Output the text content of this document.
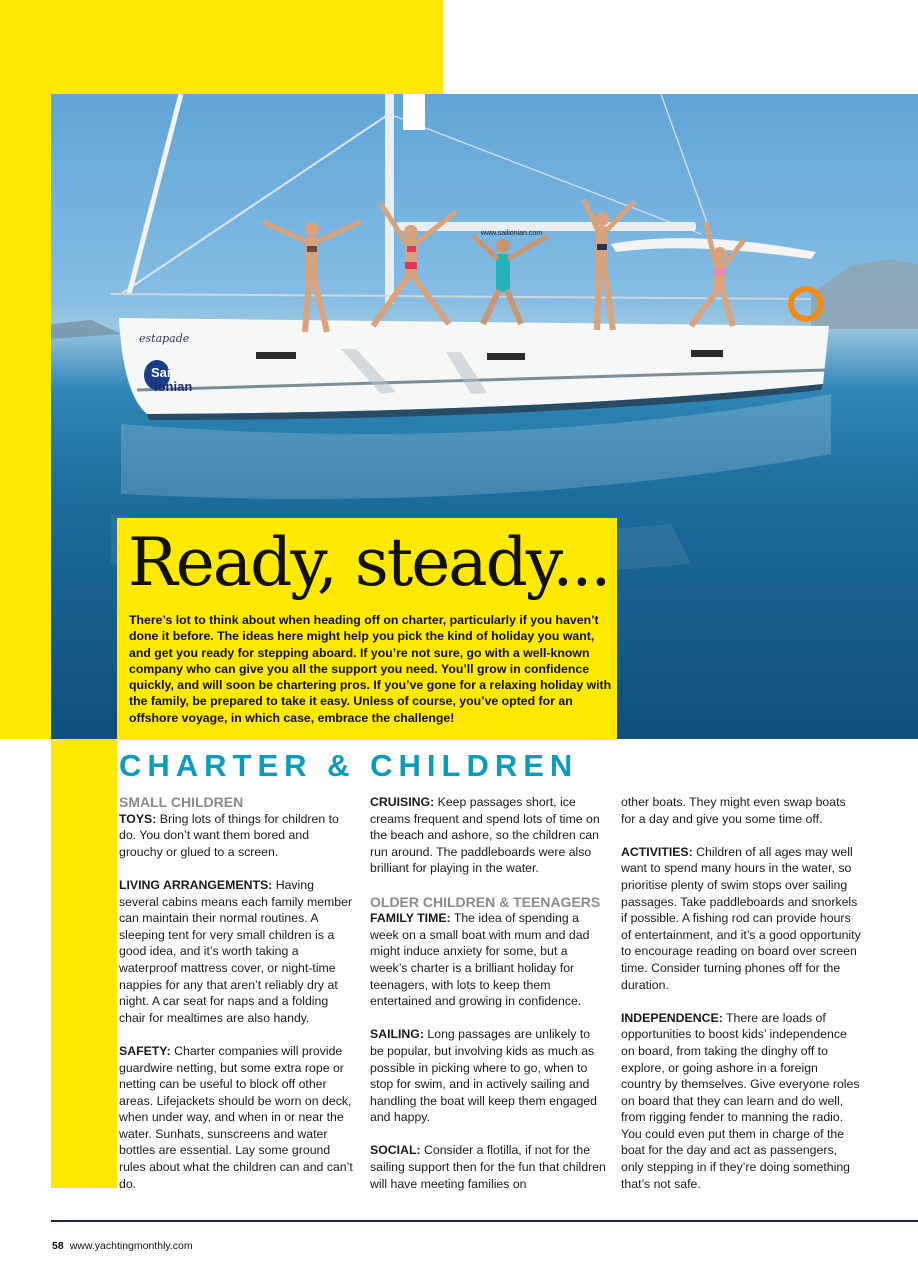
www.sailionian.com
estapade
Sail
Ionian
Ready, steady...

There’s lot to think about when heading off on charter, particularly if you haven’t done it before. The ideas here might help you pick the kind of holiday you want, and get you ready for stepping aboard. If you’re not sure, go with a well-known company who can give you all the support you need. You’ll grow in confidence quickly, and will soon be chartering pros. If you’ve gone for a relaxing holiday with the family, be prepared to take it easy. Unless of course, you’ve opted for an offshore voyage, in which case, embrace the challenge!

CHARTER & CHILDREN
SMALL CHILDREN

TOYS: Bring lots of things for children to do. You don’t want them bored and grouchy or glued to a screen.

LIVING ARRANGEMENTS: Having several cabins means each family member can maintain their normal routines. A sleeping tent for very small children is a good idea, and it’s worth taking a waterproof mattress cover, or night-time nappies for any that aren’t reliably dry at night. A car seat for naps and a folding chair for mealtimes are also handy.

SAFETY: Charter companies will provide guardwire netting, but some extra rope or netting can be useful to block off other areas. Lifejackets should be worn on deck, when under way, and when in or near the water. Sunhats, sunscreens and water bottles are essential. Lay some ground rules about what the children can and can’t do.

CRUISING: Keep passages short, ice creams frequent and spend lots of time on the beach and ashore, so the children can run around. The paddleboards were also brilliant for playing in the water.

OLDER CHILDREN & TEENAGERS

FAMILY TIME: The idea of spending a week on a small boat with mum and dad might induce anxiety for some, but a week’s charter is a brilliant holiday for teenagers, with lots to keep them entertained and growing in confidence.

SAILING: Long passages are unlikely to be popular, but involving kids as much as possible in picking where to go, when to stop for swim, and in actively sailing and handling the boat will keep them engaged and happy.

SOCIAL: Consider a flotilla, if not for the sailing support then for the fun that children will have meeting families on

other boats. They might even swap boats for a day and give you some time off.

ACTIVITIES: Children of all ages may well want to spend many hours in the water, so prioritise plenty of swim stops over sailing passages. Take paddleboards and snorkels if possible. A fishing rod can provide hours of entertainment, and it’s a good opportunity to encourage reading on board over screen time. Consider turning phones off for the duration.

INDEPENDENCE: There are loads of opportunities to boost kids’ independence on board, from taking the dinghy off to explore, or going ashore in a foreign country by themselves. Give everyone roles on board that they can learn and do well, from rigging fender to manning the radio. You could even put them in charge of the boat for the day and act as passengers, only stepping in if they’re doing something that’s not safe.

58 www.yachtingmonthly.com
